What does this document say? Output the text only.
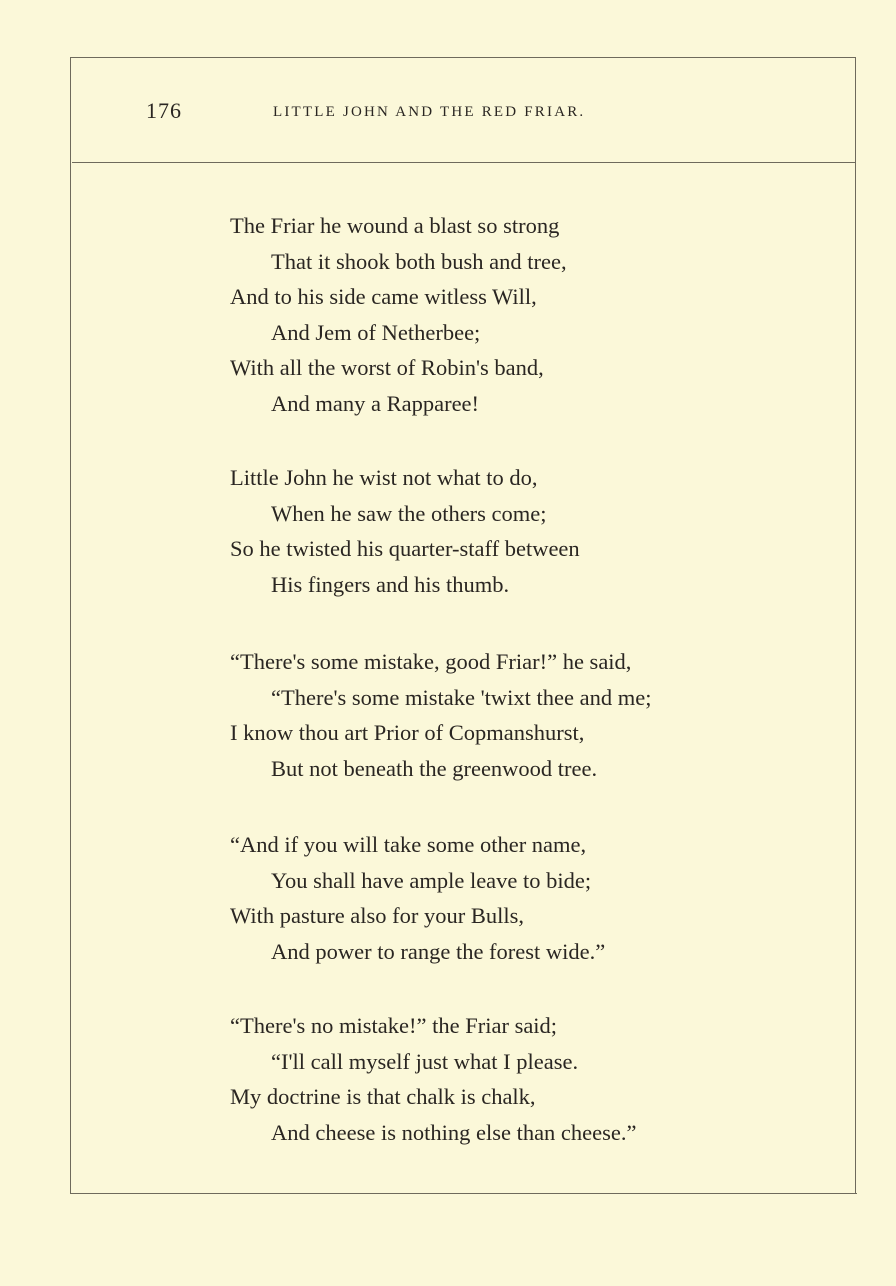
176	LITTLE JOHN AND THE RED FRIAR.
The Friar he wound a blast so strong
That it shook both bush and tree,
And to his side came witless Will,
And Jem of Netherbee;
With all the worst of Robin's band,
And many a Rapparee!
Little John he wist not what to do,
When he saw the others come;
So he twisted his quarter-staff between
His fingers and his thumb.
“There's some mistake, good Friar!” he said,
“There's some mistake 'twixt thee and me;
I know thou art Prior of Copmanshurst,
But not beneath the greenwood tree.
“And if you will take some other name,
You shall have ample leave to bide;
With pasture also for your Bulls,
And power to range the forest wide.”
“There's no mistake!” the Friar said;
“I'll call myself just what I please.
My doctrine is that chalk is chalk,
And cheese is nothing else than cheese.”
